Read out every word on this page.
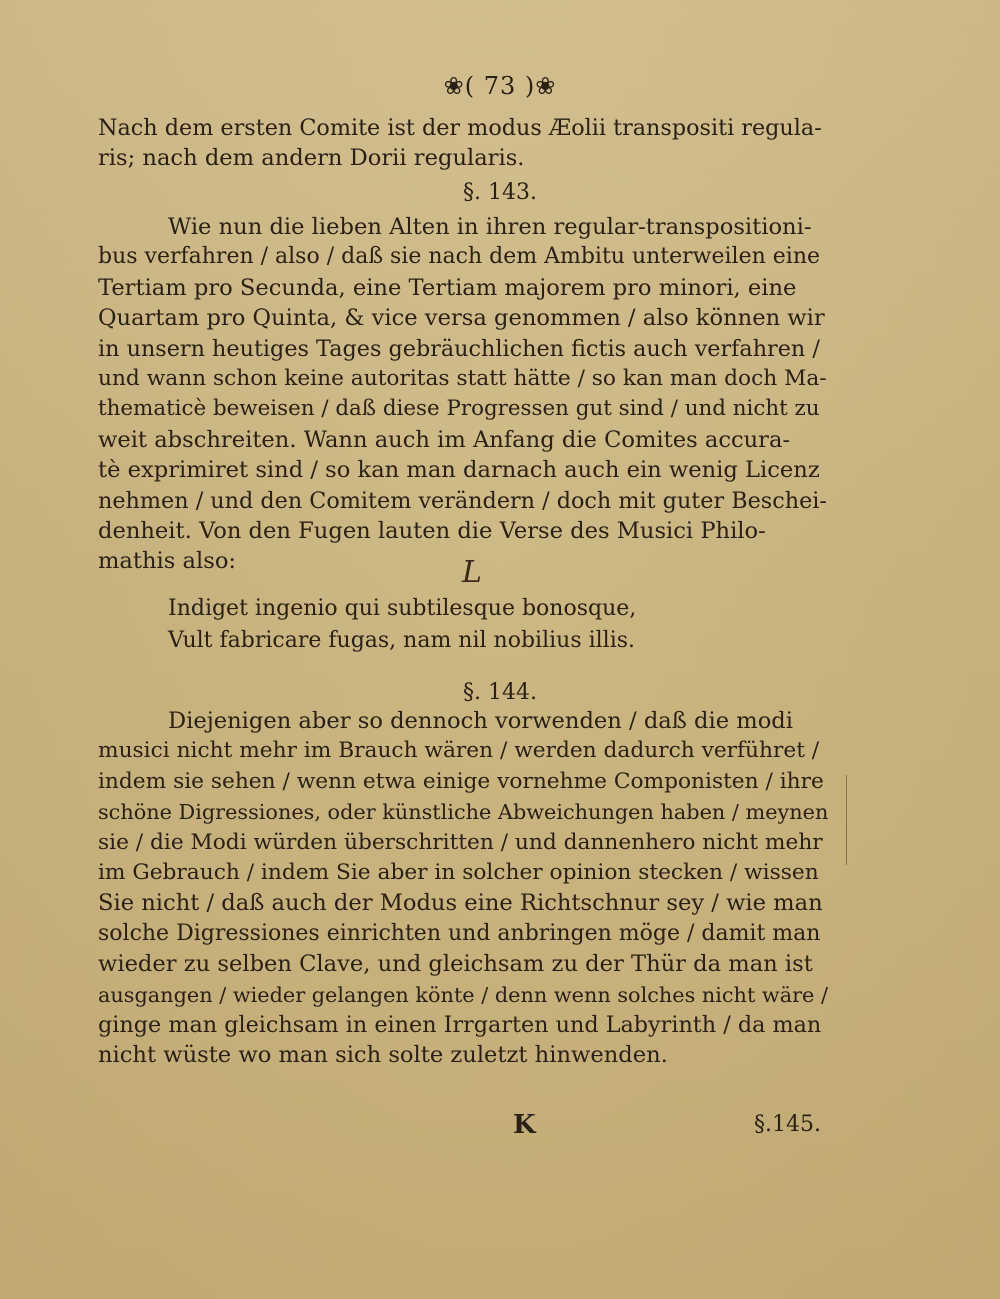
❀( 73 )❀
Nach dem ersten Comite ist der modus Æolii transpositi regula-
ris; nach dem andern Dorii regularis.
§. 143.
Wie nun die lieben Alten in ihren regular-transpositioni-
bus verfahren / also / daß sie nach dem Ambitu unterweilen eine
Tertiam pro Secunda, eine Tertiam majorem pro minori, eine
Quartam pro Quinta, & vice versa genommen / also können wir
in unsern heutiges Tages gebräuchlichen fictis auch verfahren /
und wann schon keine autoritas statt hätte / so kan man doch Ma-
thematicè beweisen / daß diese Progressen gut sind / und nicht zu
weit abschreiten. Wann auch im Anfang die Comites accura-
tè exprimiret sind / so kan man darnach auch ein wenig Licenz
nehmen / und den Comitem verändern / doch mit guter Beschei-
denheit. Von den Fugen lauten die Verse des Musici Philo-
mathis also:	L
Indiget ingenio qui subtilesque bonosque,
Vult fabricare fugas, nam nil nobilius illis.
§. 144.
Diejenigen aber so dennoch vorwenden / daß die modi
musici nicht mehr im Brauch wären / werden dadurch verführet /
indem sie sehen / wenn etwa einige vornehme Componisten / ihre
schöne Digressiones, oder künstliche Abweichungen haben / meynen
sie / die Modi würden überschritten / und dannenhero nicht mehr
im Gebrauch / indem Sie aber in solcher opinion stecken / wissen
Sie nicht / daß auch der Modus eine Richtschnur sey / wie man
solche Digressiones einrichten und anbringen möge / damit man
wieder zu selben Clave, und gleichsam zu der Thür da man ist
ausgangen / wieder gelangen könte / denn wenn solches nicht wäre /
ginge man gleichsam in einen Irrgarten und Labyrinth / da man
nicht wüste wo man sich solte zuletzt hinwenden.
K	§.145.
